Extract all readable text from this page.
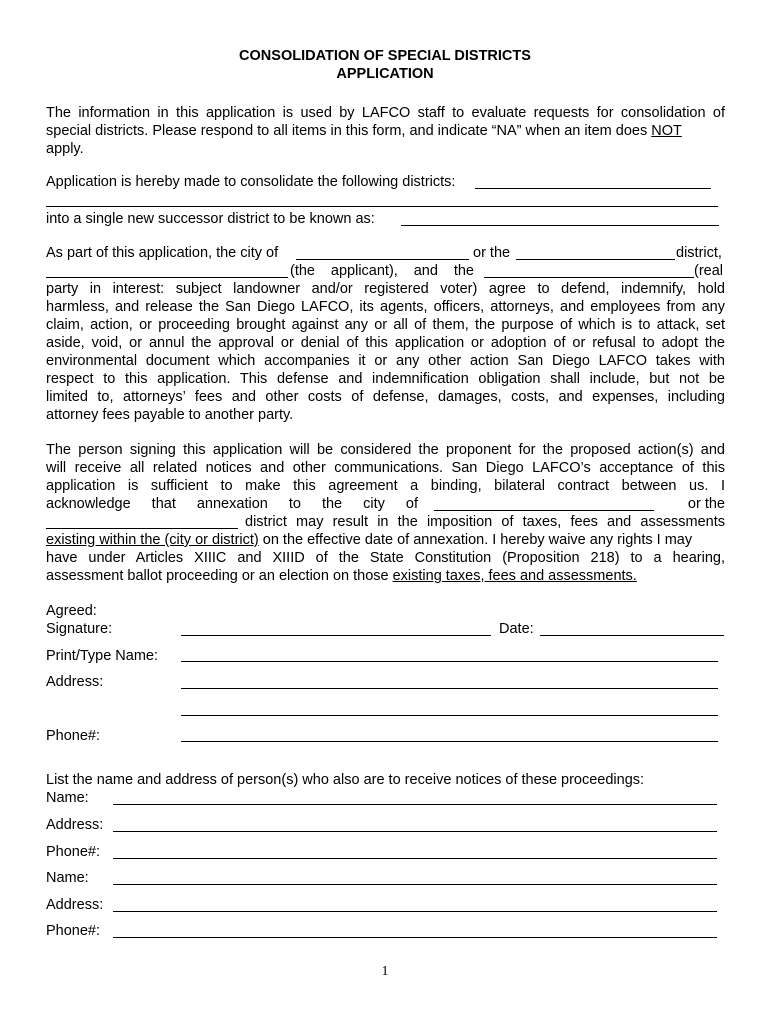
CONSOLIDATION OF SPECIAL DISTRICTS
APPLICATION
The information in this application is used by LAFCO staff to evaluate requests for consolidation of
special districts. Please respond to all items in this form, and indicate “NA” when an item does NOT
apply.
Application is hereby made to consolidate the following districts:
into a single new successor district to be known as:
As part of this application, the city of	or the	district,
(the applicant), and the	(real
party in interest: subject landowner and/or registered voter) agree to defend, indemnify, hold
harmless, and release the San Diego LAFCO, its agents, officers, attorneys, and employees from any
claim, action, or proceeding brought against any or all of them, the purpose of which is to attack, set
aside, void, or annul the approval or denial of this application or adoption of or refusal to adopt the
environmental document which accompanies it or any other action San Diego LAFCO takes with
respect to this application. This defense and indemnification obligation shall include, but not be
limited to, attorneys’ fees and other costs of defense, damages, costs, and expenses, including
attorney fees payable to another party.
The person signing this application will be considered the proponent for the proposed action(s) and
will receive all related notices and other communications. San Diego LAFCO’s acceptance of this
application is sufficient to make this agreement a binding, bilateral contract between us. I
acknowledge that annexation to the city of	or the
district may result in the imposition of taxes, fees and assessments
existing within the (city or district) on the effective date of annexation. I hereby waive any rights I may
have under Articles XIIIC and XIIID of the State Constitution (Proposition 218) to a hearing,
assessment ballot proceeding or an election on those existing taxes, fees and assessments.
Agreed:
Signature:	Date:
Print/Type Name:
Address:
Phone#:
List the name and address of person(s) who also are to receive notices of these proceedings:
Name:
Address:
Phone#:
Name:
Address:
Phone#:
1
